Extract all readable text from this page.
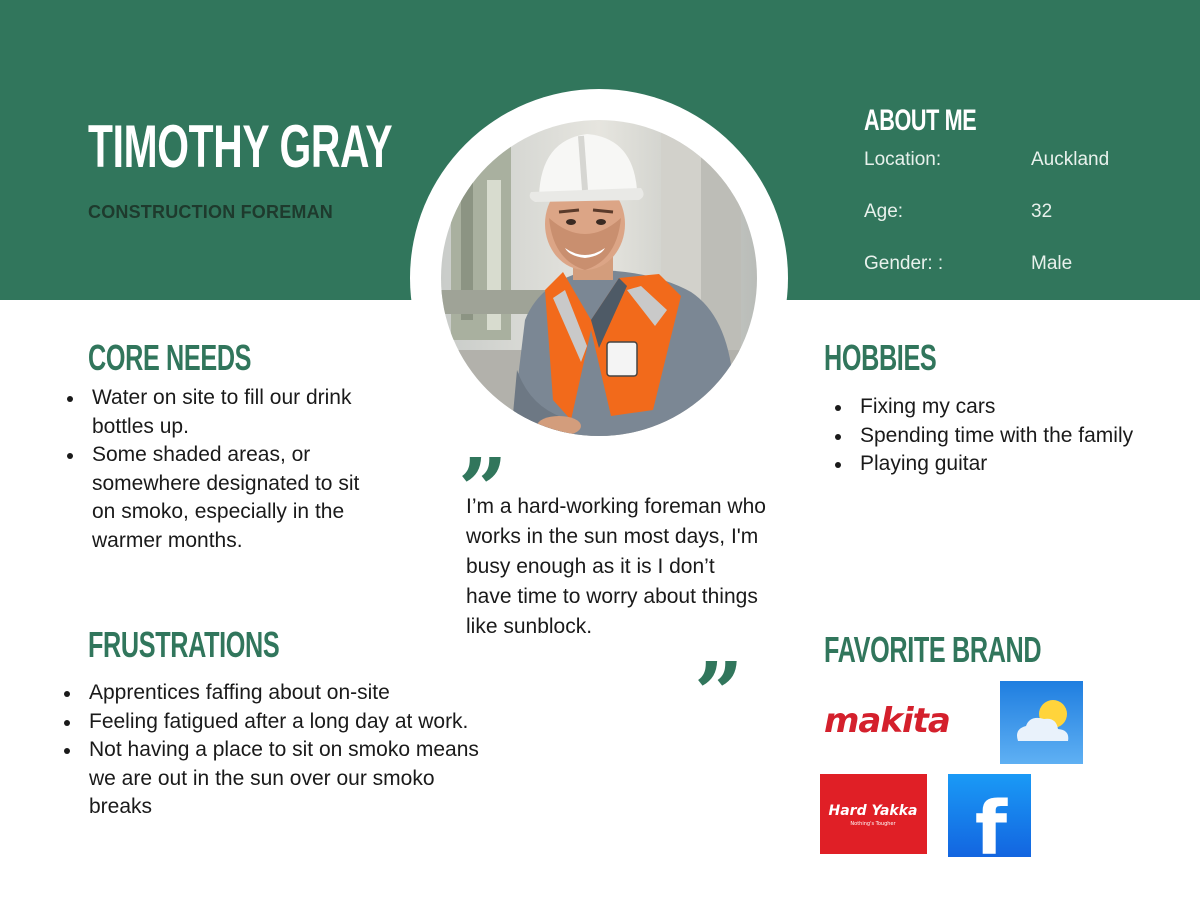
TIMOTHY GRAY
CONSTRUCTION FOREMAN
ABOUT ME
Location:	Auckland
Age:	32
Gender: :	Male
CORE NEEDS
Water on site to fill our drink bottles up.
Some shaded areas, or somewhere designated to sit on smoko, especially in the warmer months.
FRUSTRATIONS
Apprentices faffing about on-site
Feeling fatigued after a long day at work.
Not having a place to sit on smoko means we are out in the sun over our smoko breaks
”
I’m a hard-working foreman who works in the sun most days, I'm busy enough as it is I don’t have time to worry about things like sunblock.
”
HOBBIES
Fixing my cars
Spending time with the family
Playing guitar
FAVORITE BRAND
makita
Hard Yakka
Nothing's Tougher f
